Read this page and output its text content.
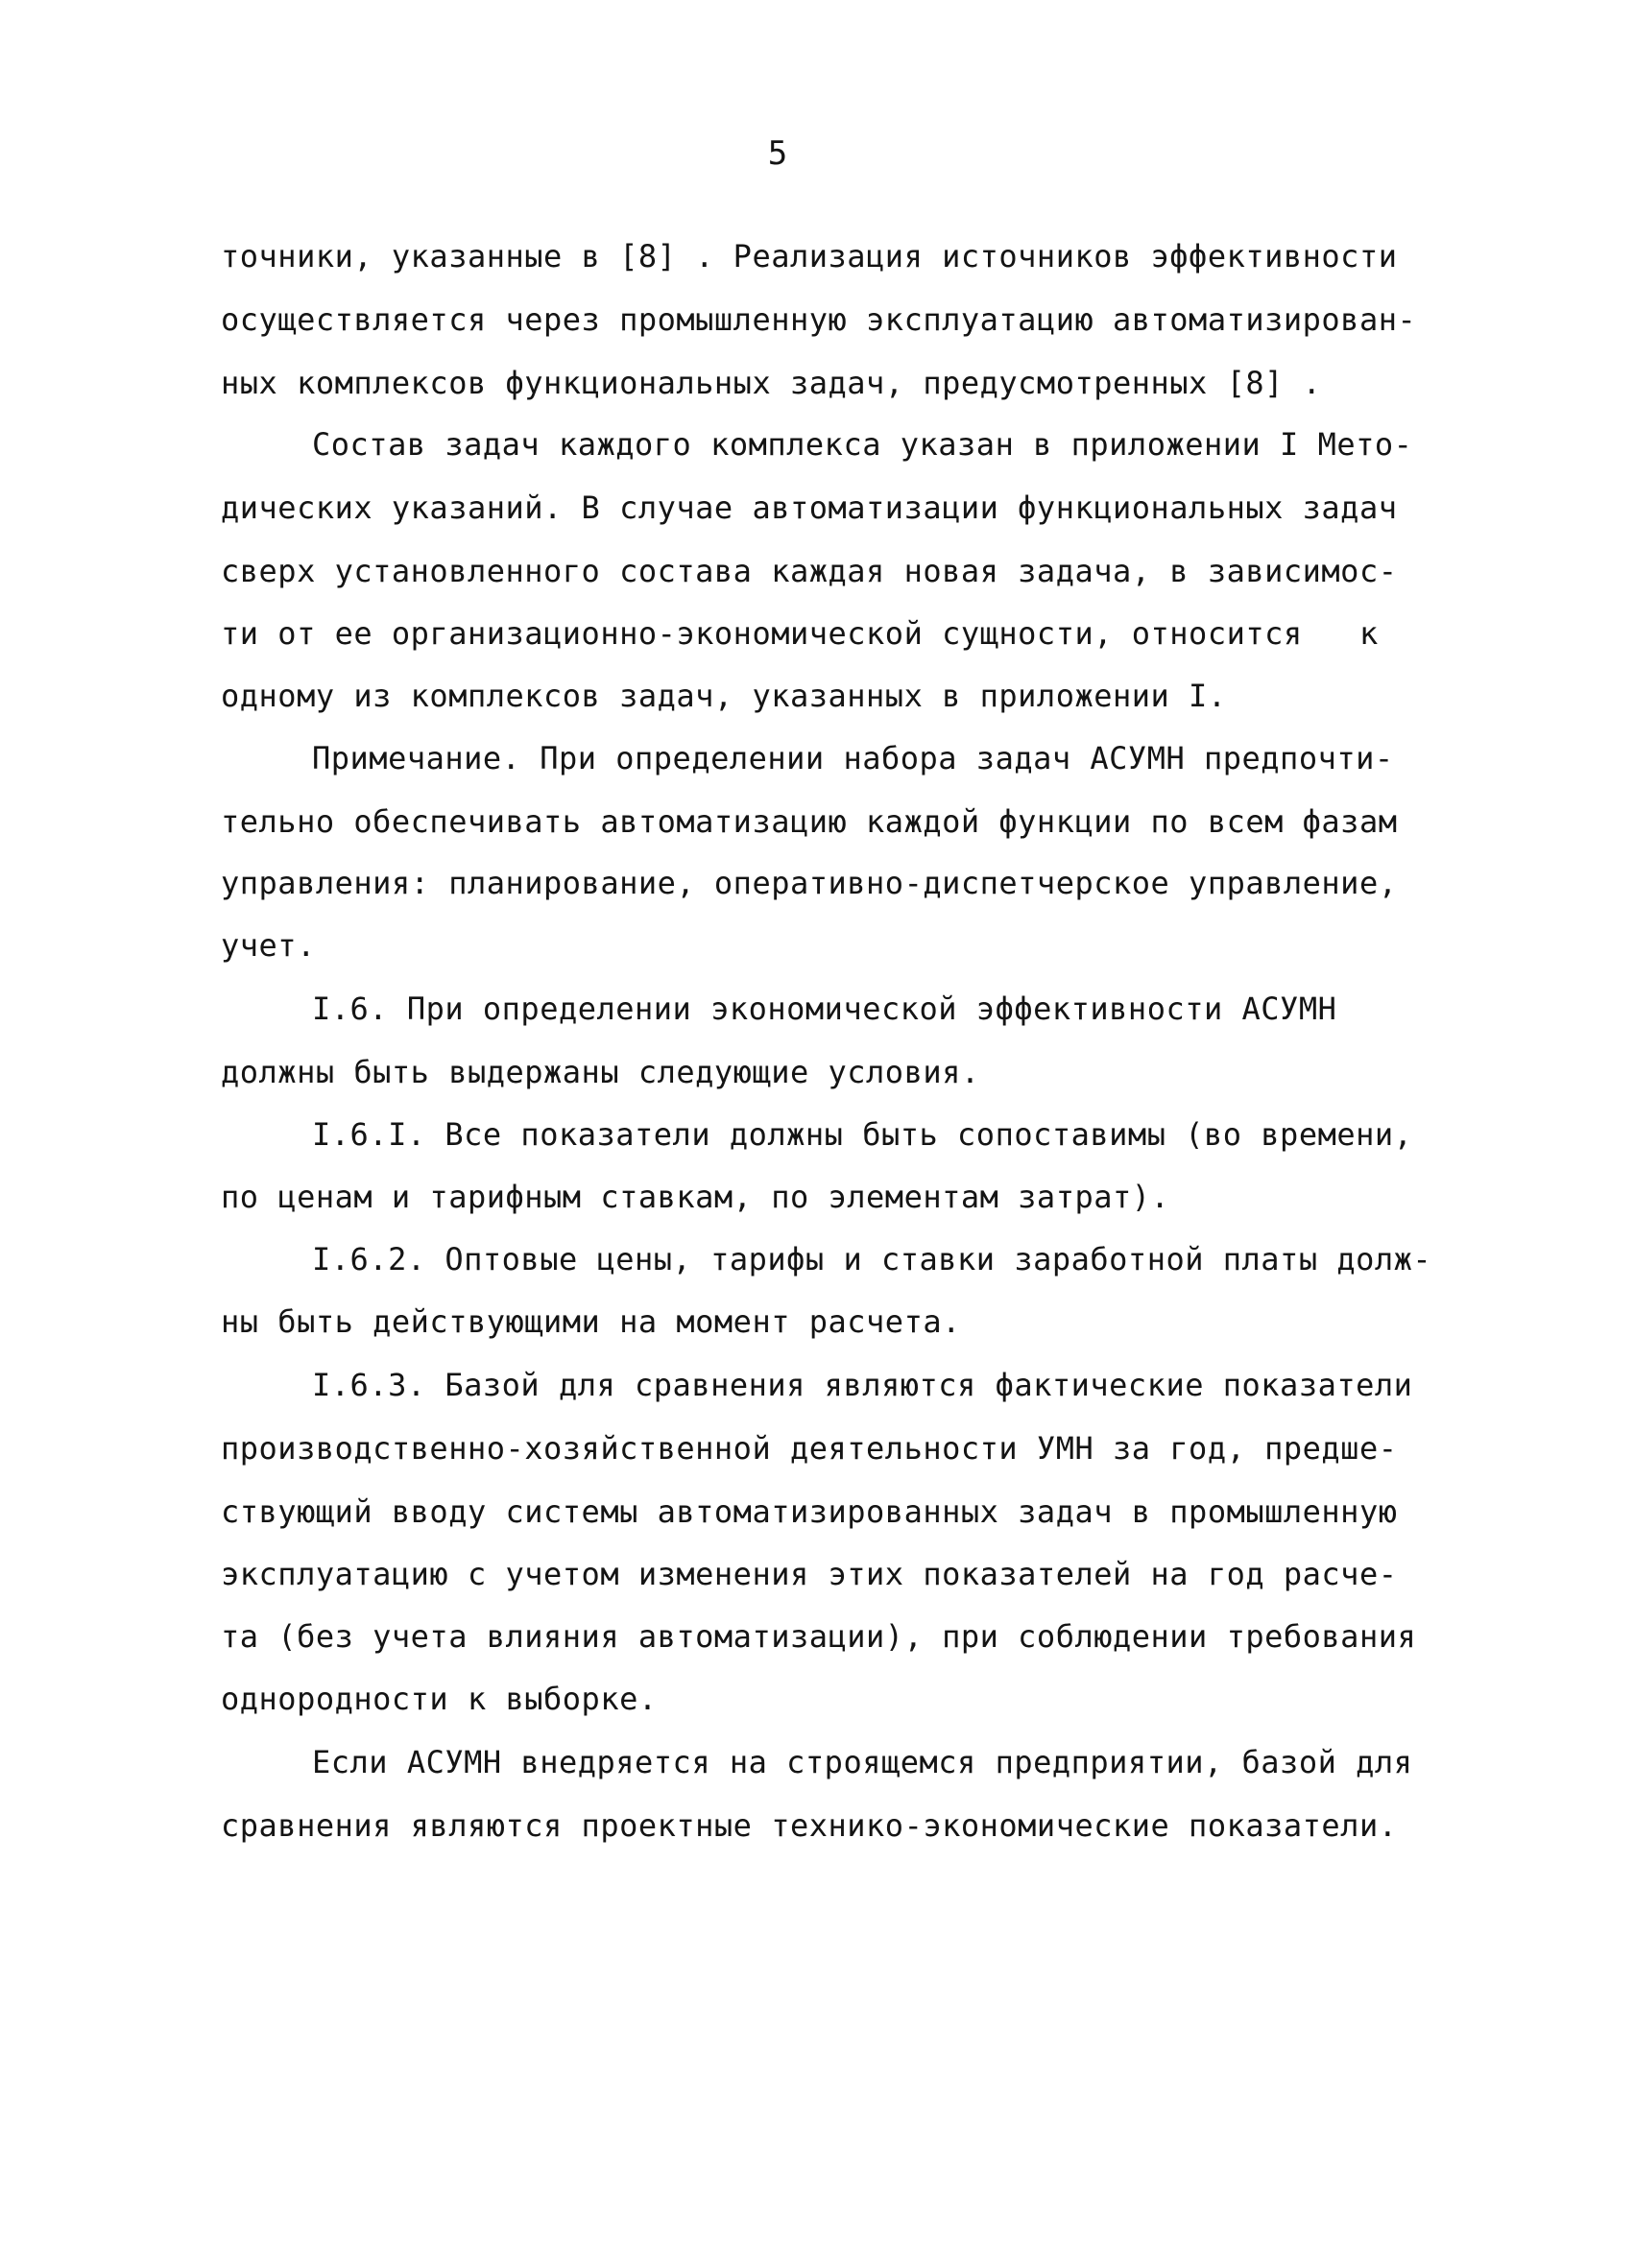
5
точники, указанные в [8] . Реализация источников эффективности
осуществляется через промышленную эксплуатацию автоматизирован-
ных комплексов функциональных задач, предусмотренных [8] .
Состав задач каждого комплекса указан в приложении I Мето-
дических указаний. В случае автоматизации функциональных задач
сверх установленного состава каждая новая задача, в зависимос-
ти от ее организационно-экономической сущности, относится   к
одному из комплексов задач, указанных в приложении I.
Примечание. При определении набора задач АСУМН предпочти-
тельно обеспечивать автоматизацию каждой функции по всем фазам
управления: планирование, оперативно-диспетчерское управление,
учет.
I.6. При определении экономической эффективности АСУМН
должны быть выдержаны следующие условия.
I.6.I. Все показатели должны быть сопоставимы (во времени,
по ценам и тарифным ставкам, по элементам затрат).
I.6.2. Оптовые цены, тарифы и ставки заработной платы долж-
ны быть действующими на момент расчета.
I.6.3. Базой для сравнения являются фактические показатели
производственно-хозяйственной деятельности УМН за год, предше-
ствующий вводу системы автоматизированных задач в промышленную
эксплуатацию с учетом изменения этих показателей на год расче-
та (без учета влияния автоматизации), при соблюдении требования
однородности к выборке.
Если АСУМН внедряется на строящемся предприятии, базой для
сравнения являются проектные технико-экономические показатели.
